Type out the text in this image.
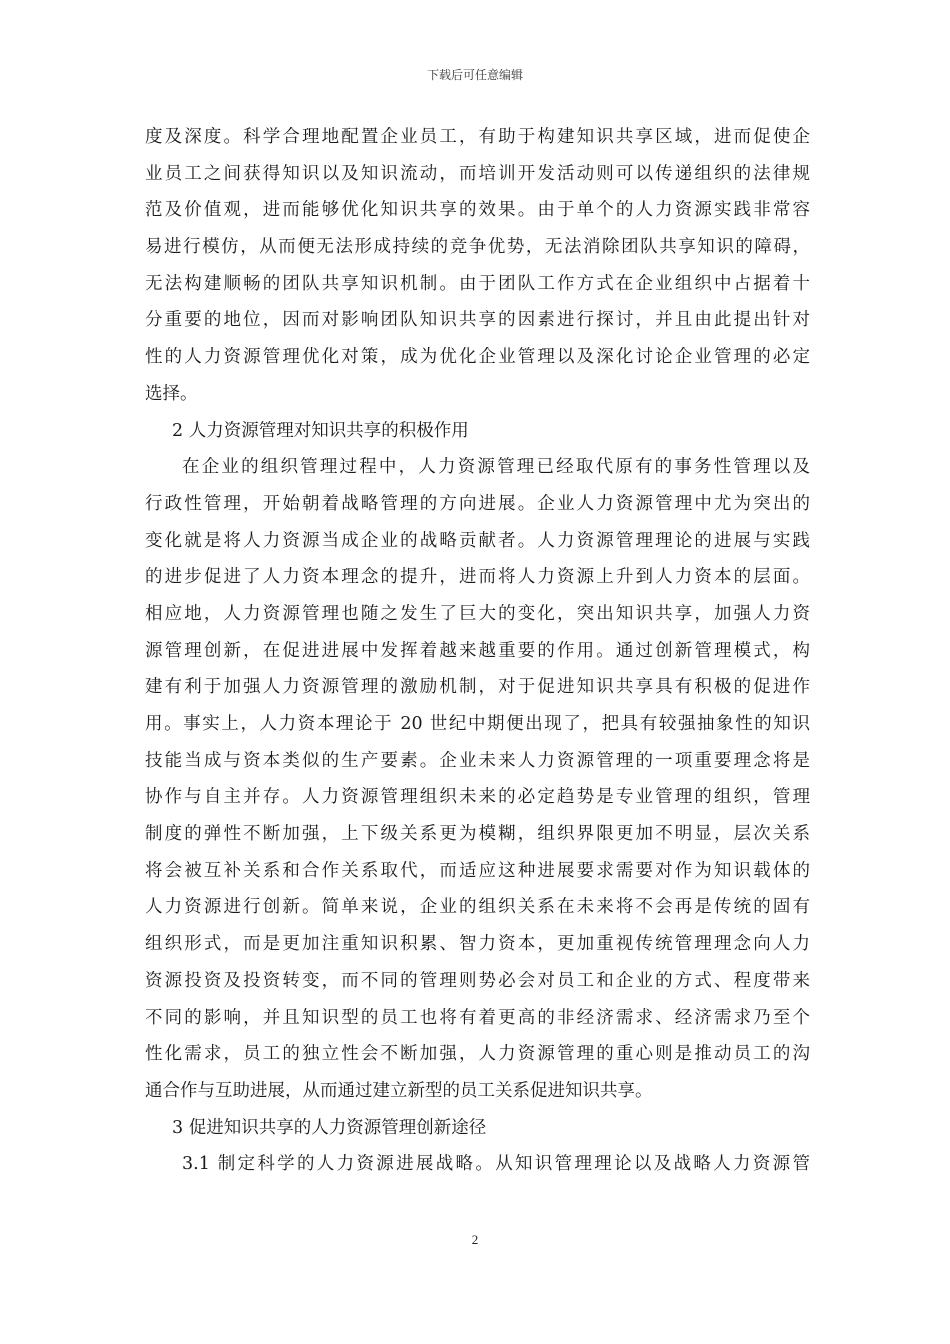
下载后可任意编辑
度及深度。科学合理地配置企业员工，有助于构建知识共享区域，进而促使企
业员工之间获得知识以及知识流动，而培训开发活动则可以传递组织的法律规
范及价值观，进而能够优化知识共享的效果。由于单个的人力资源实践非常容
易进行模仿，从而便无法形成持续的竞争优势，无法消除团队共享知识的障碍，
无法构建顺畅的团队共享知识机制。由于团队工作方式在企业组织中占据着十
分重要的地位，因而对影响团队知识共享的因素进行探讨，并且由此提出针对
性的人力资源管理优化对策，成为优化企业管理以及深化讨论企业管理的必定
选择。
2 人力资源管理对知识共享的积极作用
在企业的组织管理过程中，人力资源管理已经取代原有的事务性管理以及
行政性管理，开始朝着战略管理的方向进展。企业人力资源管理中尤为突出的
变化就是将人力资源当成企业的战略贡献者。人力资源管理理论的进展与实践
的进步促进了人力资本理念的提升，进而将人力资源上升到人力资本的层面。
相应地，人力资源管理也随之发生了巨大的变化，突出知识共享，加强人力资
源管理创新，在促进进展中发挥着越来越重要的作用。通过创新管理模式，构
建有利于加强人力资源管理的激励机制，对于促进知识共享具有积极的促进作
用。事实上，人力资本理论于 20 世纪中期便出现了，把具有较强抽象性的知识
技能当成与资本类似的生产要素。企业未来人力资源管理的一项重要理念将是
协作与自主并存。人力资源管理组织未来的必定趋势是专业管理的组织，管理
制度的弹性不断加强，上下级关系更为模糊，组织界限更加不明显，层次关系
将会被互补关系和合作关系取代，而适应这种进展要求需要对作为知识载体的
人力资源进行创新。简单来说，企业的组织关系在未来将不会再是传统的固有
组织形式，而是更加注重知识积累、智力资本，更加重视传统管理理念向人力
资源投资及投资转变，而不同的管理则势必会对员工和企业的方式、程度带来
不同的影响，并且知识型的员工也将有着更高的非经济需求、经济需求乃至个
性化需求，员工的独立性会不断加强，人力资源管理的重心则是推动员工的沟
通合作与互助进展，从而通过建立新型的员工关系促进知识共享。
3 促进知识共享的人力资源管理创新途径
3.1 制定科学的人力资源进展战略。从知识管理理论以及战略人力资源管
2
